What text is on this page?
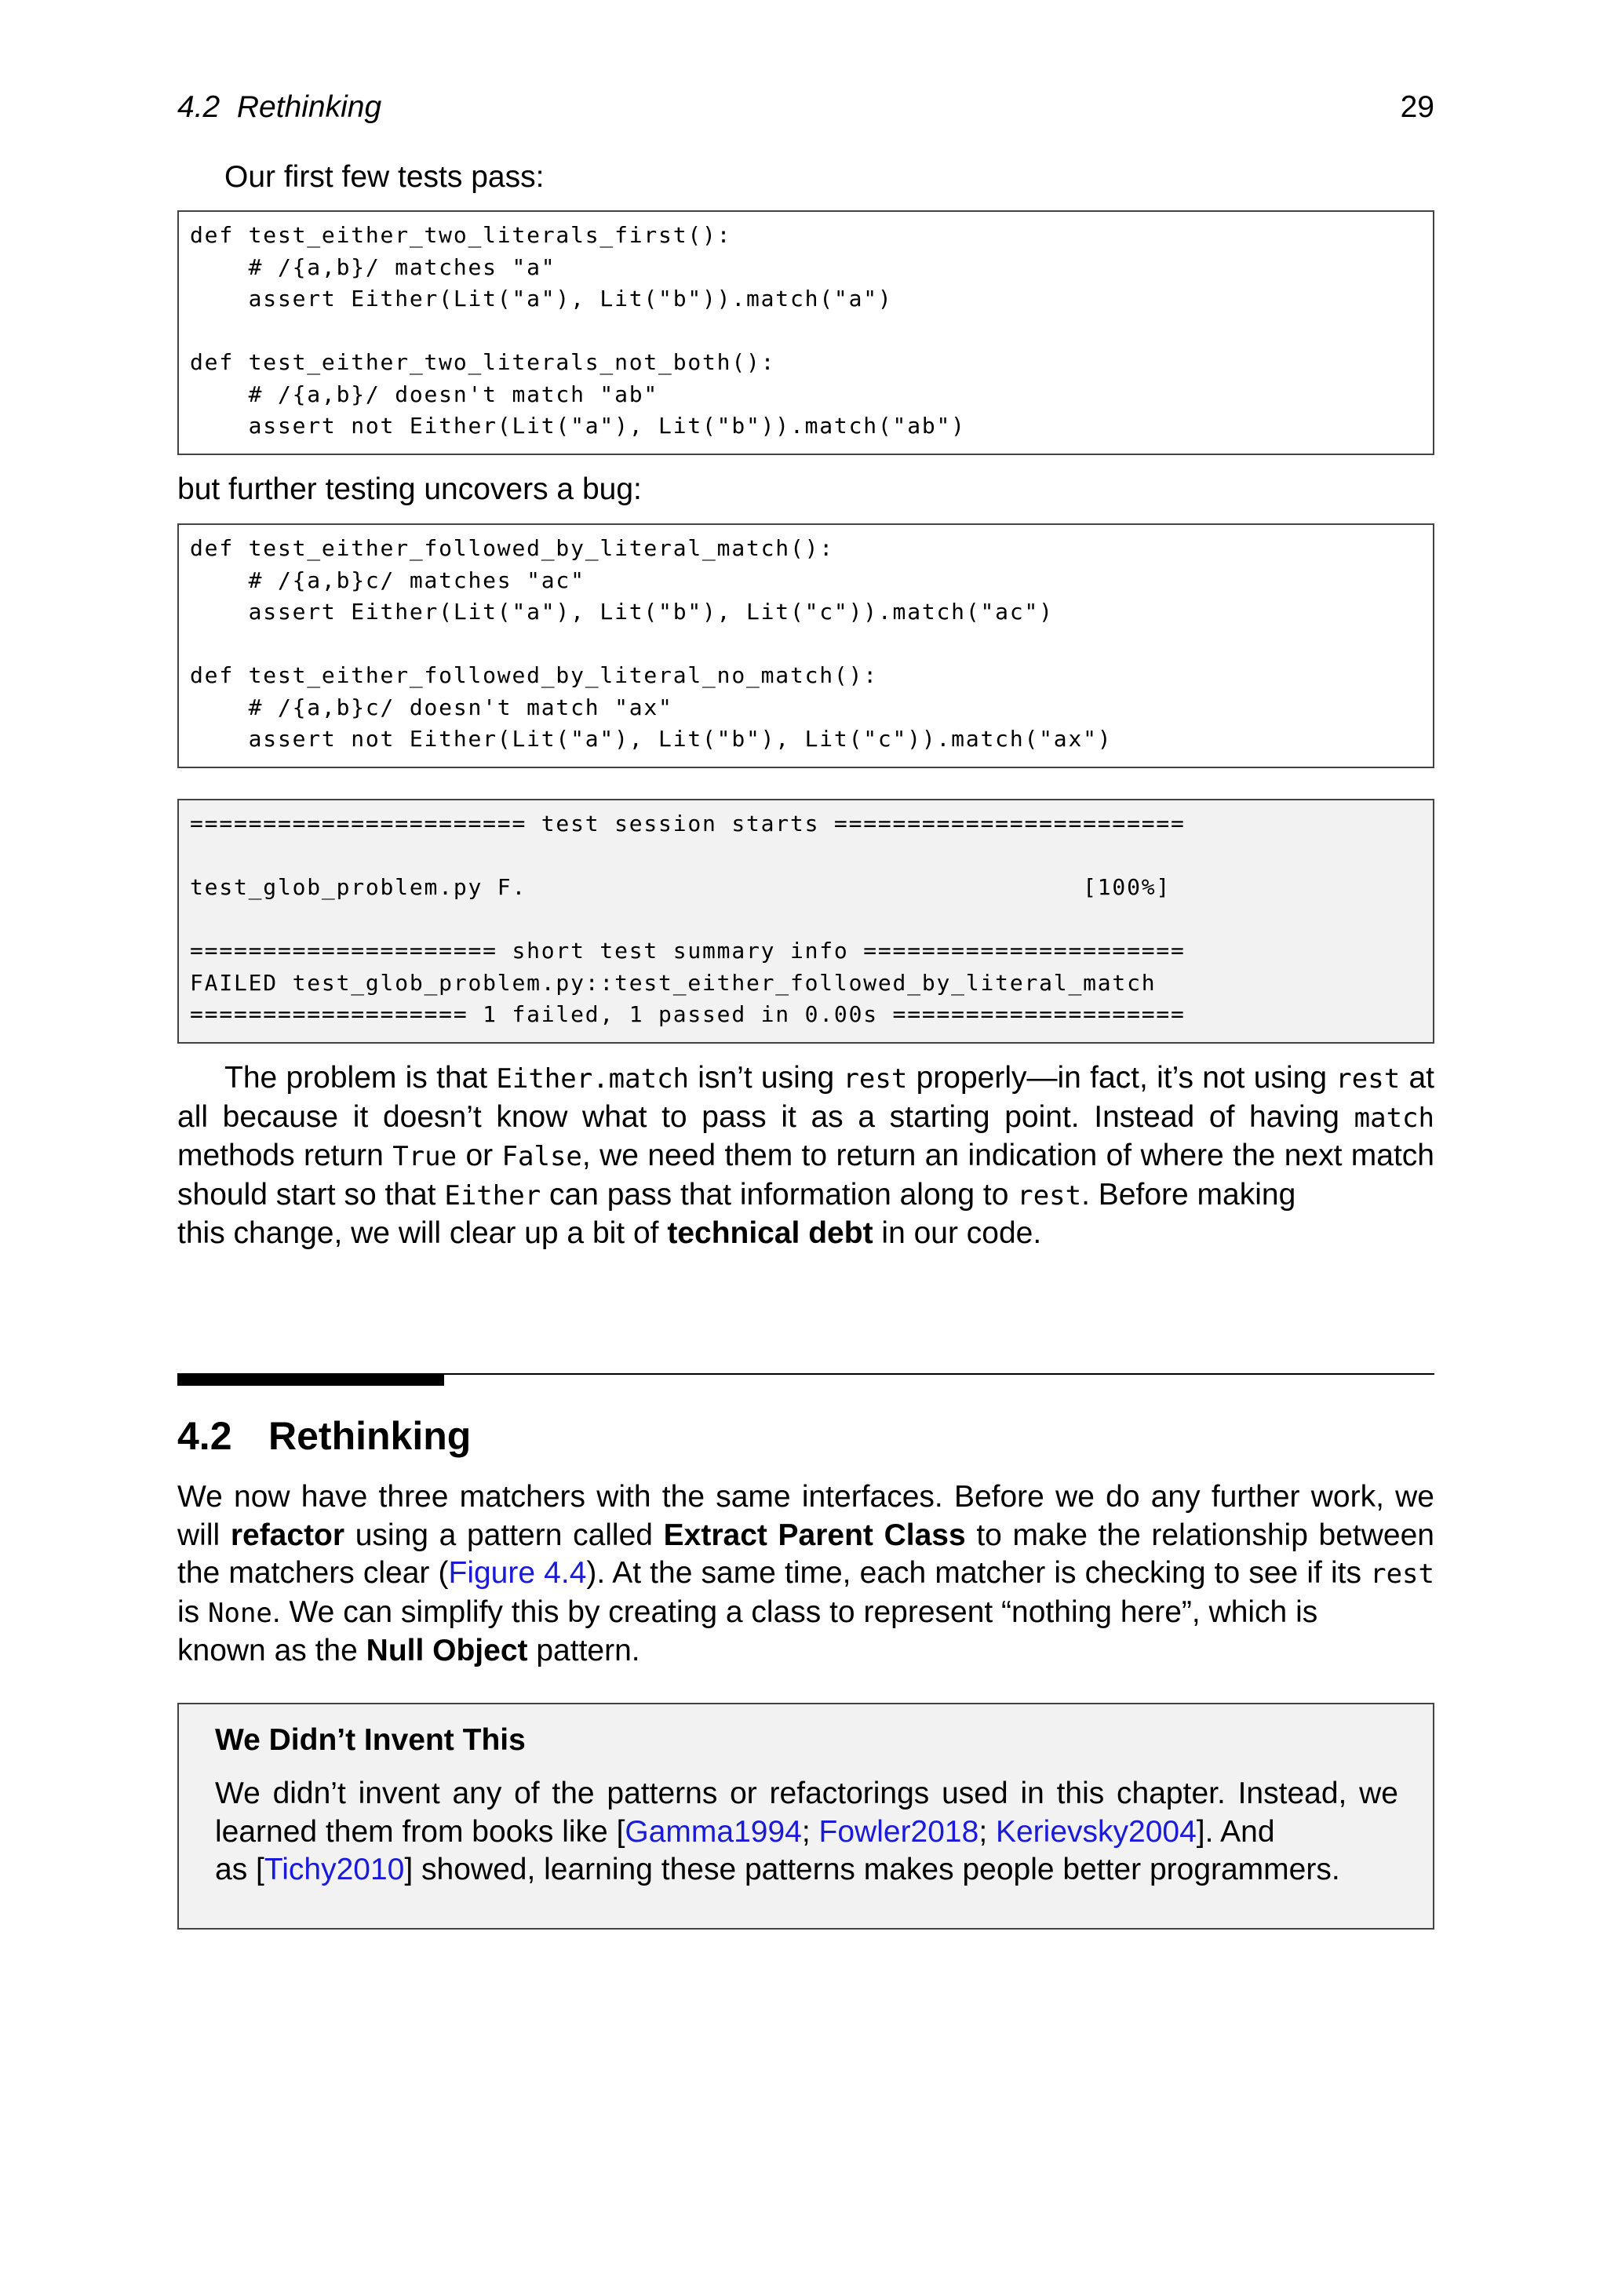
4.2  Rethinking	29
Our first few tests pass:
def test_either_two_literals_first():
# /{a,b}/ matches "a"
assert Either(Lit("a"), Lit("b")).match("a")

def test_either_two_literals_not_both():
# /{a,b}/ doesn't match "ab"
assert not Either(Lit("a"), Lit("b")).match("ab")
but further testing uncovers a bug:
def test_either_followed_by_literal_match():
# /{a,b}c/ matches "ac"
assert Either(Lit("a"), Lit("b"), Lit("c")).match("ac")

def test_either_followed_by_literal_no_match():
# /{a,b}c/ doesn't match "ax"
assert not Either(Lit("a"), Lit("b"), Lit("c")).match("ax")
======================= test session starts ========================

test_glob_problem.py F.                                      [100%]

===================== short test summary info ======================
FAILED test_glob_problem.py::test_either_followed_by_literal_match
=================== 1 failed, 1 passed in 0.00s ====================
The problem is that Either.match isn’t using rest properly—in fact, it’s not using rest at all because it doesn’t know what to pass it as a starting point. Instead of having match methods return True or False, we need them to return an indication of where the next match should start so that Either can pass that information along to rest. Before making
this change, we will clear up a bit of technical debt in our code.
4.2 Rethinking
We now have three matchers with the same interfaces. Before we do any further work, we will refactor using a pattern called Extract Parent Class to make the relationship between the matchers clear (Figure 4.4). At the same time, each matcher is checking to see if its rest is None. We can simplify this by creating a class to represent “nothing here”, which is
known as the Null Object pattern.
We Didn’t Invent This
We didn’t invent any of the patterns or refactorings used in this chapter. Instead, we learned them from books like [Gamma1994; Fowler2018; Kerievsky2004]. And
as [Tichy2010] showed, learning these patterns makes people better programmers.
